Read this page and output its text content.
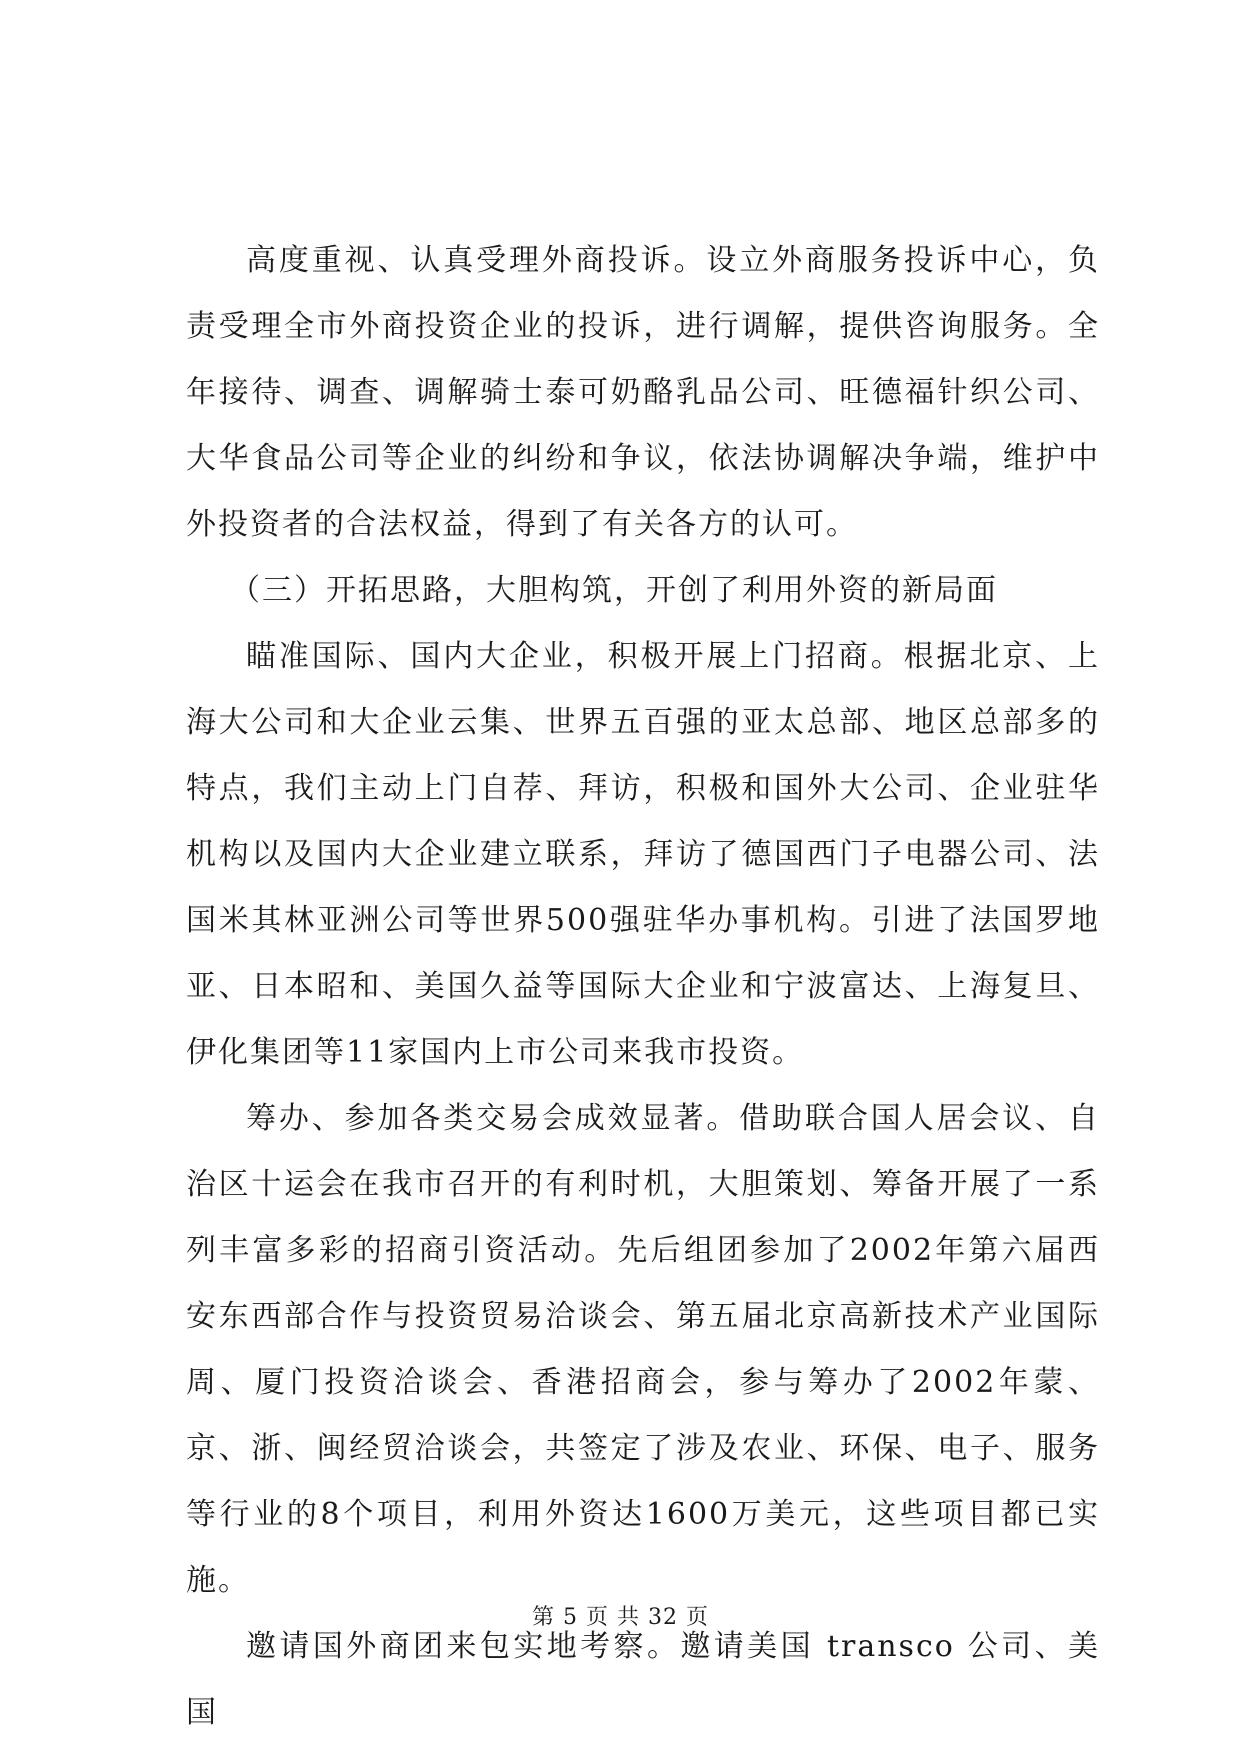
高度重视、认真受理外商投诉。设立外商服务投诉中心，负责受理全市外商投资企业的投诉，进行调解，提供咨询服务。全年接待、调查、调解骑士泰可奶酪乳品公司、旺德福针织公司、大华食品公司等企业的纠纷和争议，依法协调解决争端，维护中外投资者的合法权益，得到了有关各方的认可。

（三）开拓思路，大胆构筑，开创了利用外资的新局面

瞄准国际、国内大企业，积极开展上门招商。根据北京、上海大公司和大企业云集、世界五百强的亚太总部、地区总部多的特点，我们主动上门自荐、拜访，积极和国外大公司、企业驻华机构以及国内大企业建立联系，拜访了德国西门子电器公司、法国米其林亚洲公司等世界500强驻华办事机构。引进了法国罗地亚、日本昭和、美国久益等国际大企业和宁波富达、上海复旦、伊化集团等11家国内上市公司来我市投资。

筹办、参加各类交易会成效显著。借助联合国人居会议、自治区十运会在我市召开的有利时机，大胆策划、筹备开展了一系列丰富多彩的招商引资活动。先后组团参加了2002年第六届西安东西部合作与投资贸易洽谈会、第五届北京高新技术产业国际周、厦门投资洽谈会、香港招商会，参与筹办了2002年蒙、京、浙、闽经贸洽谈会，共签定了涉及农业、环保、电子、服务等行业的8个项目，利用外资达1600万美元，这些项目都已实施。

邀请国外商团来包实地考察。邀请美国 transco 公司、美国

第 5 页 共 32 页
